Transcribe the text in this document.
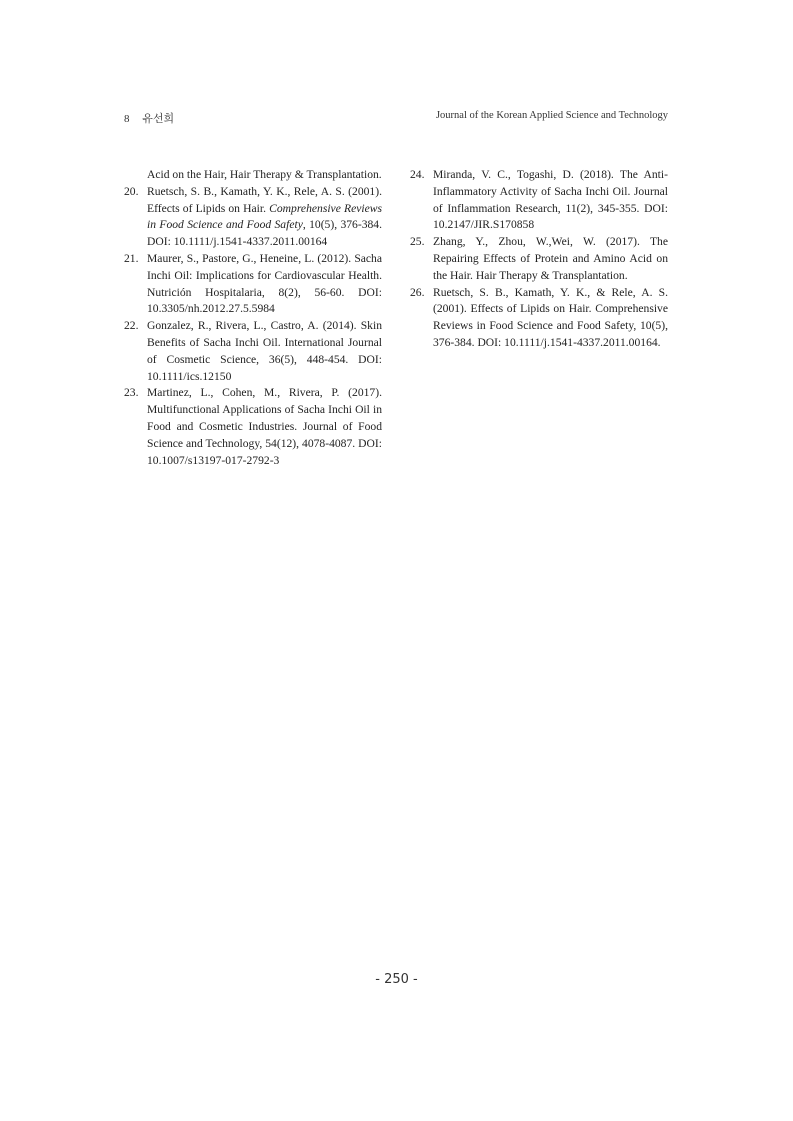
8 유선희	Journal of the Korean Applied Science and Technology
Acid on the Hair, Hair Therapy & Transplantation.
20. Ruetsch, S. B., Kamath, Y. K., Rele, A. S. (2001). Effects of Lipids on Hair. Comprehensive Reviews in Food Science and Food Safety, 10(5), 376-384. DOI: 10.1111/j.1541-4337.2011.00164
21. Maurer, S., Pastore, G., Heneine, L. (2012). Sacha Inchi Oil: Implications for Cardiovascular Health. Nutrición Hospitalaria, 8(2), 56-60. DOI: 10.3305/nh.2012.27.5.5984
22. Gonzalez, R., Rivera, L., Castro, A. (2014). Skin Benefits of Sacha Inchi Oil. International Journal of Cosmetic Science, 36(5), 448-454. DOI: 10.1111/ics.12150
23. Martinez, L., Cohen, M., Rivera, P. (2017). Multifunctional Applications of Sacha Inchi Oil in Food and Cosmetic Industries. Journal of Food Science and Technology, 54(12), 4078-4087. DOI: 10.1007/s13197-017-2792-3
24. Miranda, V. C., Togashi, D. (2018). The Anti-Inflammatory Activity of Sacha Inchi Oil. Journal of Inflammation Research, 11(2), 345-355. DOI: 10.2147/JIR.S170858
25. Zhang, Y., Zhou, W.,Wei, W. (2017). The Repairing Effects of Protein and Amino Acid on the Hair. Hair Therapy & Transplantation.
26. Ruetsch, S. B., Kamath, Y. K., & Rele, A. S. (2001). Effects of Lipids on Hair. Comprehensive Reviews in Food Science and Food Safety, 10(5), 376-384. DOI: 10.1111/j.1541-4337.2011.00164.
- 250 -
